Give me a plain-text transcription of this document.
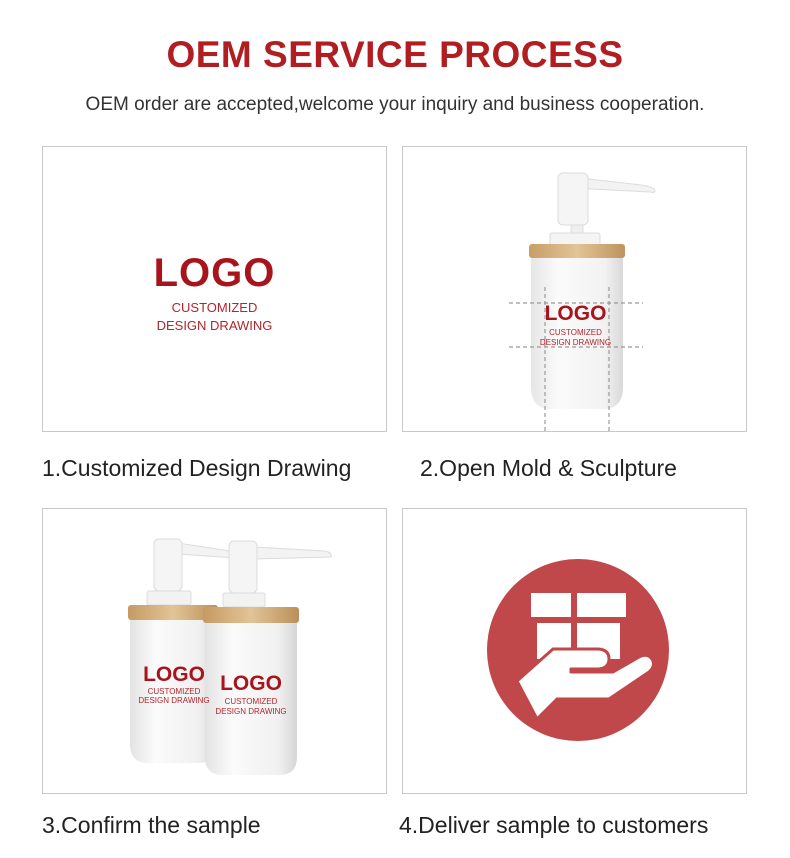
OEM SERVICE PROCESS
OEM order are accepted,welcome your inquiry and business cooperation.
LOGO
CUSTOMIZED
DESIGN DRAWING
1.Customized Design Drawing
LOGO
CUSTOMIZED
DESIGN DRAWING
2.Open Mold & Sculpture
LOGO
CUSTOMIZED
DESIGN DRAWING
LOGO
CUSTOMIZED
DESIGN DRAWING
3.Confirm the sample	4.Deliver sample to customers
